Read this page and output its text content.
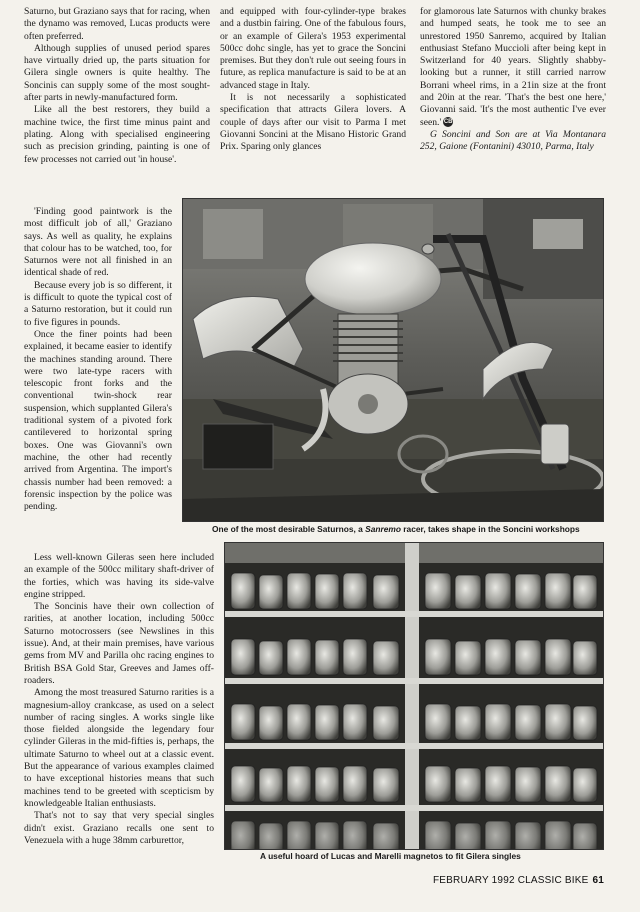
Saturno, but Graziano says that for racing, when the dynamo was removed, Lucas products were often preferred.

Although supplies of unused period spares have virtually dried up, the parts situation for Gilera single owners is quite healthy. The Soncinis can supply some of the most sought-after parts in newly-manufactured form.

Like all the best restorers, they build a machine twice, the first time minus paint and plating. Along with specialised engineering such as precision grinding, painting is one of few processes not carried out 'in house'.

'Finding good paintwork is the most difficult job of all,' Graziano says. As well as quality, he explains that colour has to be watched, too, for Saturnos were not all finished in an identical shade of red.

Because every job is so different, it is difficult to quote the typical cost of a Saturno restoration, but it could run to five figures in pounds.

Once the finer points had been explained, it became easier to identify the machines standing around. There were two late-type racers with telescopic front forks and the conventional twin-shock rear suspension, which supplanted Gilera's traditional system of a pivoted fork cantilevered to horizontal spring boxes. One was Giovanni's own machine, the other had recently arrived from Argentina. The import's chassis number had been removed: a forensic inspection by the police was pending.

Less well-known Gileras seen here included an example of the 500cc military shaft-driver of the forties, which was having its side-valve engine stripped.

The Soncinis have their own collection of rarities, at another location, including 500cc Saturno motocrossers (see Newslines in this issue). And, at their main premises, have various gems from MV and Parilla ohc racing engines to British BSA Gold Star, Greeves and James off-roaders.

Among the most treasured Saturno rarities is a magnesium-alloy crankcase, as used on a select number of racing singles. A works single like those fielded alongside the legendary four cylinder Gileras in the mid-fifties is, perhaps, the ultimate Saturno to wheel out at a classic event. But the appearance of various examples claimed to have exceptional histories means that such machines tend to be greeted with scepticism by knowledgeable Italian enthusiasts.

That's not to say that very special singles didn't exist. Graziano recalls one sent to Venezuela with a huge 38mm carburettor,

and equipped with four-cylinder-type brakes and a dustbin fairing. One of the fabulous fours, or an example of Gilera's 1953 experimental 500cc dohc single, has yet to grace the Soncini premises. But they don't rule out seeing fours in future, as replica manufacture is said to be at an advanced stage in Italy.

It is not necessarily a sophisticated specification that attracts Gilera lovers. A couple of days after our visit to Parma I met Giovanni Soncini at the Misano Historic Grand Prix. Sparing only glances

for glamorous late Saturnos with chunky brakes and humped seats, he took me to see an unrestored 1950 Sanremo, acquired by Italian enthusiast Stefano Muccioli after being kept in Switzerland for 40 years. Slightly shabby-looking but a runner, it still carried narrow Borrani wheel rims, in a 21in size at the front and 20in at the rear. 'That's the best one here,' Giovanni said. 'It's the most authentic I've ever seen.' CB

G Soncini and Son are at Via Montanara 252, Gaione (Fontanini) 43010, Parma, Italy

One of the most desirable Saturnos, a Sanremo racer, takes shape in the Soncini workshops
A useful hoard of Lucas and Marelli magnetos to fit Gilera singles
FEBRUARY 1992 CLASSIC BIKE 61
